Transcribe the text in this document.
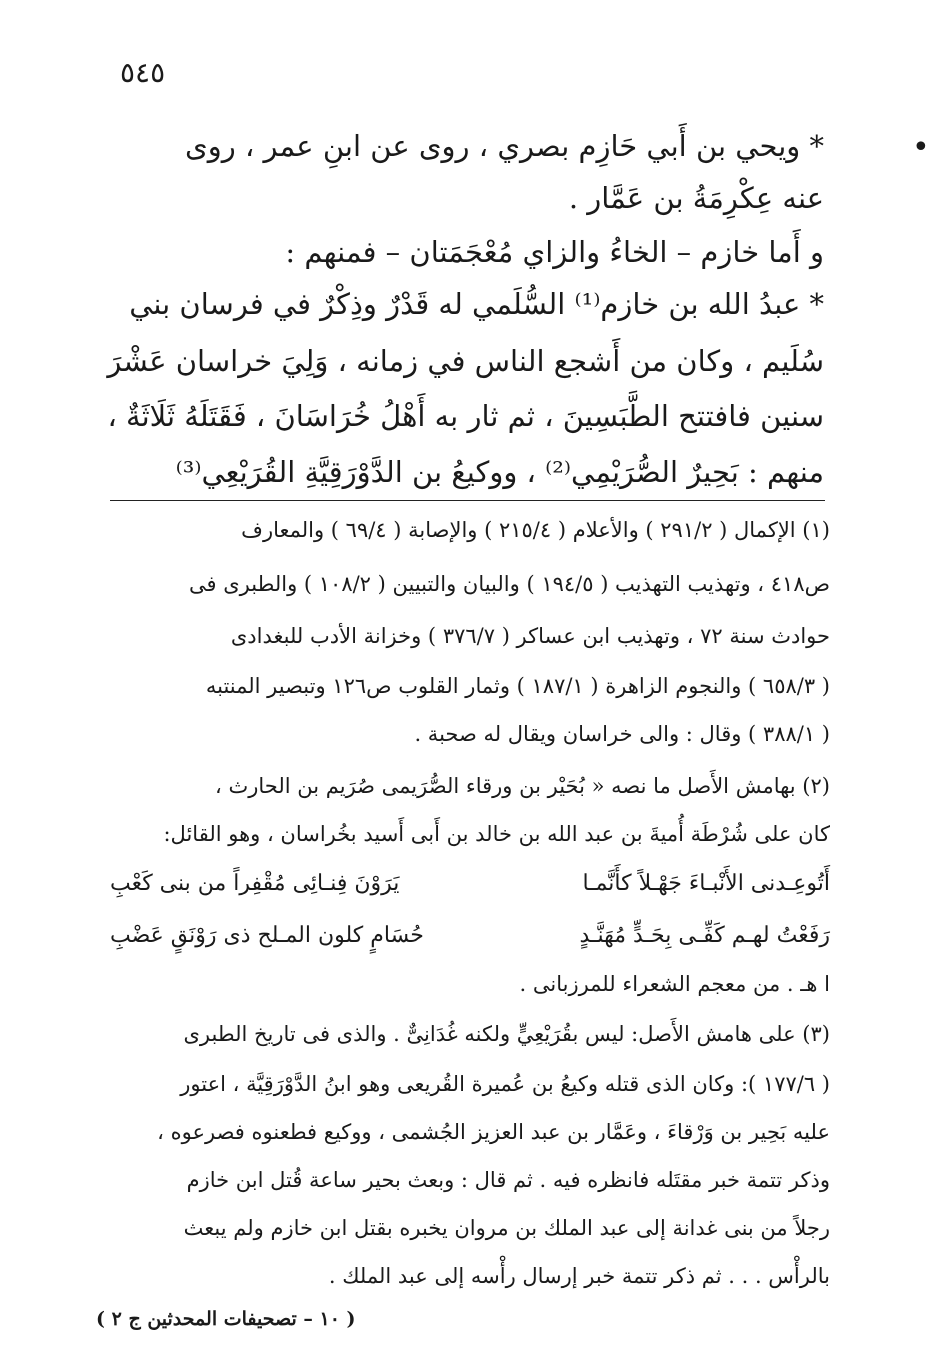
٥٤٥
•
* ويحي بن أَبي حَازِم بصري ، روى عن ابنِ عمر ، روى
عنه عِكْرِمَةُ بن عَمَّار .
و أَما خازم – الخاءُ والزاي مُعْجَمَتان – فمنهم :
* عبدُ الله بن خازم⁽¹⁾ السُّلَمي له قَدْرٌ وذِكْرٌ في فرسان بني
سُلَيم ، وكان من أَشجع الناس في زمانه ، وَلِيَ خراسان عَشْرَ
سنين فافتتح الطَّبَسِينَ ، ثم ثار به أَهْلُ خُرَاسَانَ ، فَقَتَلَهُ ثَلَاثَةٌ ،
منهم : بَحِيرٌ الصُّرَيْمِي⁽²⁾ ، ووكيعُ بن الدَّوْرَقِيَّةِ القُرَيْعِي⁽³⁾
(١) الإكمال ( ٢٩١/٢ ) والأعلام ( ٢١٥/٤ ) والإصابة ( ٦٩/٤ ) والمعارف
ص٤١٨ ، وتهذيب التهذيب ( ١٩٤/٥ ) والبيان والتبيين ( ١٠٨/٢ ) والطبرى فى
حوادث سنة ٧٢ ، وتهذيب ابن عساكر ( ٣٧٦/٧ ) وخزانة الأدب للبغدادى
( ٦٥٨/٣ ) والنجوم الزاهرة ( ١٨٧/١ ) وثمار القلوب ص١٢٦ وتبصير المنتبه
( ٣٨٨/١ ) وقال : والى خراسان ويقال له صحبة .
(٢) بهامش الأَصل ما نصه « بُحَيْر بن ورقاء الصُّرَيمى صُرَيم بن الحارث ،
كان على شُرْطَة أُميةَ بن عبد الله بن خالد بن أَبى أَسيد بخُراسان ، وهو القائل:
أَتُوعِـدنى الأَنْبـاءَ جَهْـلاً كأَنَّمـا
يَرَوْنَ فِنـائِى مُقْفِراً من بنى كَعْبِ
رَفَعْتُ لهـم كَفِّـى بِحَـدٍّ مُهَنَّـدٍ
حُسَامٍ كلون المـلح ذى رَوْنَقٍ عَضْبِ
ا هـ . من معجم الشعراء للمرزبانى .
(٣) على هامش الأَصل: ليس بقُرَيْعِيٍّ ولكنه غُدَانِىٌّ . والذى فى تاريخ الطبرى
( ١٧٧/٦ ): وكان الذى قتله وكيعُ بن عُميرة القُريعى وهو ابنُ الدَّوْرَقِيَّة ، اعتور
عليه بَحِير بن وَرْقاءَ ، وعَمَّار بن عبد العزيز الجُشمى ، ووكيع فطعنوه فصرعوه ،
وذكر تتمة خبر مقتَله فانظره فيه . ثم قال : وبعث بحير ساعة قُتل ابن خازم
رجلاً من بنى غدانة إلى عبد الملك بن مروان يخبره بقتل ابن خازم ولم يبعث
بالرأْس . . . ثم ذكر تتمة خبر إرسال رأْسه إلى عبد الملك .
( ١٠ – تصحيفات المحدثين ج ٢ )
